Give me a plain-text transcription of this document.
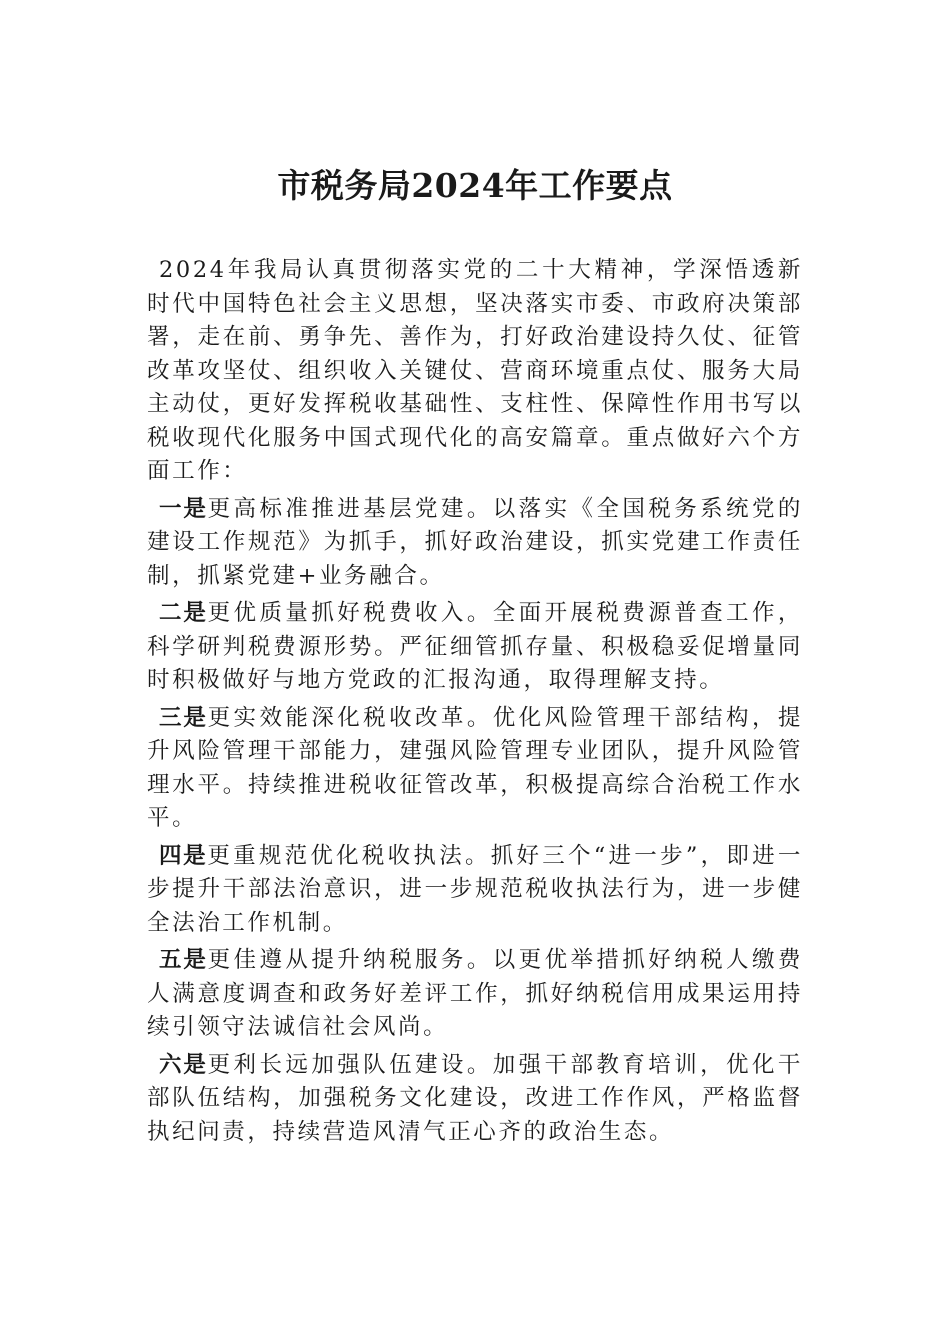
市税务局2024年工作要点

2024年我局认真贯彻落实党的二十大精神，学深悟透新时代中国特色社会主义思想，坚决落实市委、市政府决策部署，走在前、勇争先、善作为，打好政治建设持久仗、征管改革攻坚仗、组织收入关键仗、营商环境重点仗、服务大局主动仗，更好发挥税收基础性、支柱性、保障性作用书写以税收现代化服务中国式现代化的高安篇章。重点做好六个方面工作：

一是更高标准推进基层党建。以落实《全国税务系统党的建设工作规范》为抓手，抓好政治建设，抓实党建工作责任制，抓紧党建+业务融合。

二是更优质量抓好税费收入。全面开展税费源普查工作，科学研判税费源形势。严征细管抓存量、积极稳妥促增量同时积极做好与地方党政的汇报沟通，取得理解支持。

三是更实效能深化税收改革。优化风险管理干部结构，提升风险管理干部能力，建强风险管理专业团队，提升风险管理水平。持续推进税收征管改革，积极提高综合治税工作水平。

四是更重规范优化税收执法。抓好三个“进一步”，即进一步提升干部法治意识，进一步规范税收执法行为，进一步健全法治工作机制。

五是更佳遵从提升纳税服务。以更优举措抓好纳税人缴费人满意度调查和政务好差评工作，抓好纳税信用成果运用持续引领守法诚信社会风尚。

六是更利长远加强队伍建设。加强干部教育培训，优化干部队伍结构，加强税务文化建设，改进工作作风，严格监督执纪问责，持续营造风清气正心齐的政治生态。
